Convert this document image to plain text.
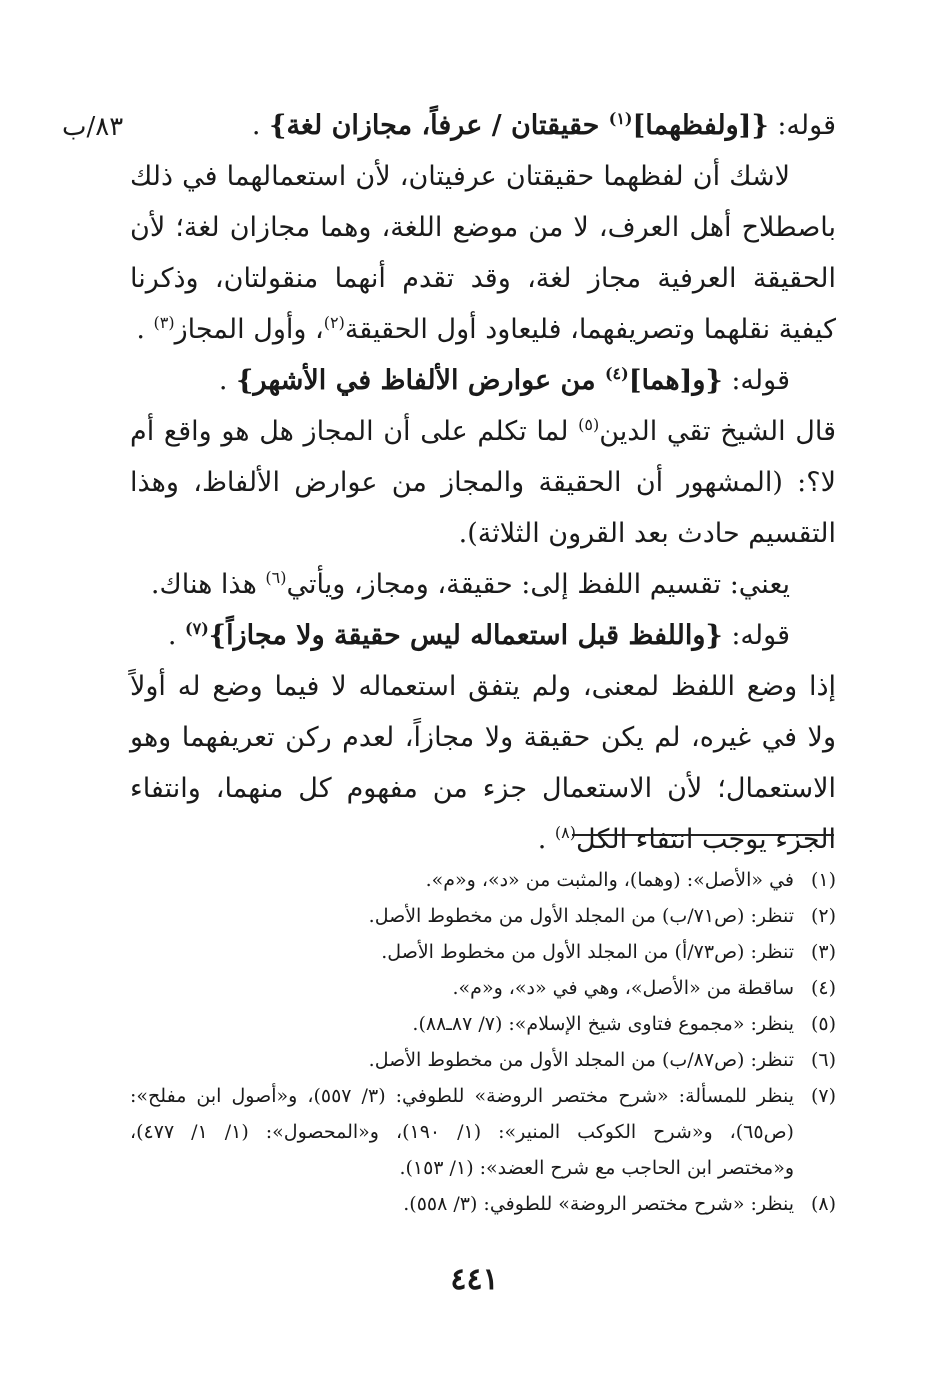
٨٣/ب	قوله: {[ولفظهما]$^{(١)}$ حقيقتان / عرفاً، مجازان لغة} .

لاشك أن لفظهما حقيقتان عرفيتان، لأن استعمالهما في ذلك باصطلاح أهل العرف، لا من موضع اللغة، وهما مجازان لغة؛ لأن الحقيقة العرفية مجاز لغة، وقد تقدم أنهما منقولتان، وذكرنا كيفية نقلهما وتصريفهما، فليعاود أول الحقيقة$^{(٢)}$، وأول المجاز$^{(٣)}$ .

قوله: {و[هما]$^{(٤)}$ من عوارض الألفاظ في الأشهر} .

قال الشيخ تقي الدين$^{(٥)}$ لما تكلم على أن المجاز هل هو واقع أم لا؟: (المشهور أن الحقيقة والمجاز من عوارض الألفاظ، وهذا التقسيم حادث بعد القرون الثلاثة).

يعني: تقسيم اللفظ إلى: حقيقة، ومجاز، ويأتي$^{(٦)}$ هذا هناك.

قوله: {واللفظ قبل استعماله ليس حقيقة ولا مجازاً}$^{(٧)}$ .

إذا وضع اللفظ لمعنى، ولم يتفق استعماله لا فيما وضع له أولاً ولا في غيره، لم يكن حقيقة ولا مجازاً، لعدم ركن تعريفهما وهو الاستعمال؛ لأن الاستعمال جزء من مفهوم كل منهما، وانتفاء الجزء يوجب انتفاء الكل$^{(٨)}$ .

(١)
في «الأصل»: (وهما)، والمثبت من «د»، و«م».
(٢)
تنظر: (ص٧١/ب) من المجلد الأول من مخطوط الأصل.
(٣)
تنظر: (ص٧٣/أ) من المجلد الأول من مخطوط الأصل.
(٤)
ساقطة من «الأصل»، وهي في «د»، و«م».
(٥)
ينظر: «مجموع فتاوى شيخ الإسلام»: (٧/ ٨٧ـ٨٨).
(٦)
تنظر: (ص٨٧/ب) من المجلد الأول من مخطوط الأصل.
(٧)
ينظر للمسألة: «شرح مختصر الروضة» للطوفي: (٣/ ٥٥٧)، و«أصول ابن مفلح»:
(ص٦٥)، و«شرح الكوكب المنير»: (١/ ١٩٠)، و«المحصول»: (١/ ١/ ٤٧٧)،
و«مختصر ابن الحاجب مع شرح العضد»: (١/ ١٥٣).
(٨)
ينظر: «شرح مختصر الروضة» للطوفي: (٣/ ٥٥٨).
٤٤١
